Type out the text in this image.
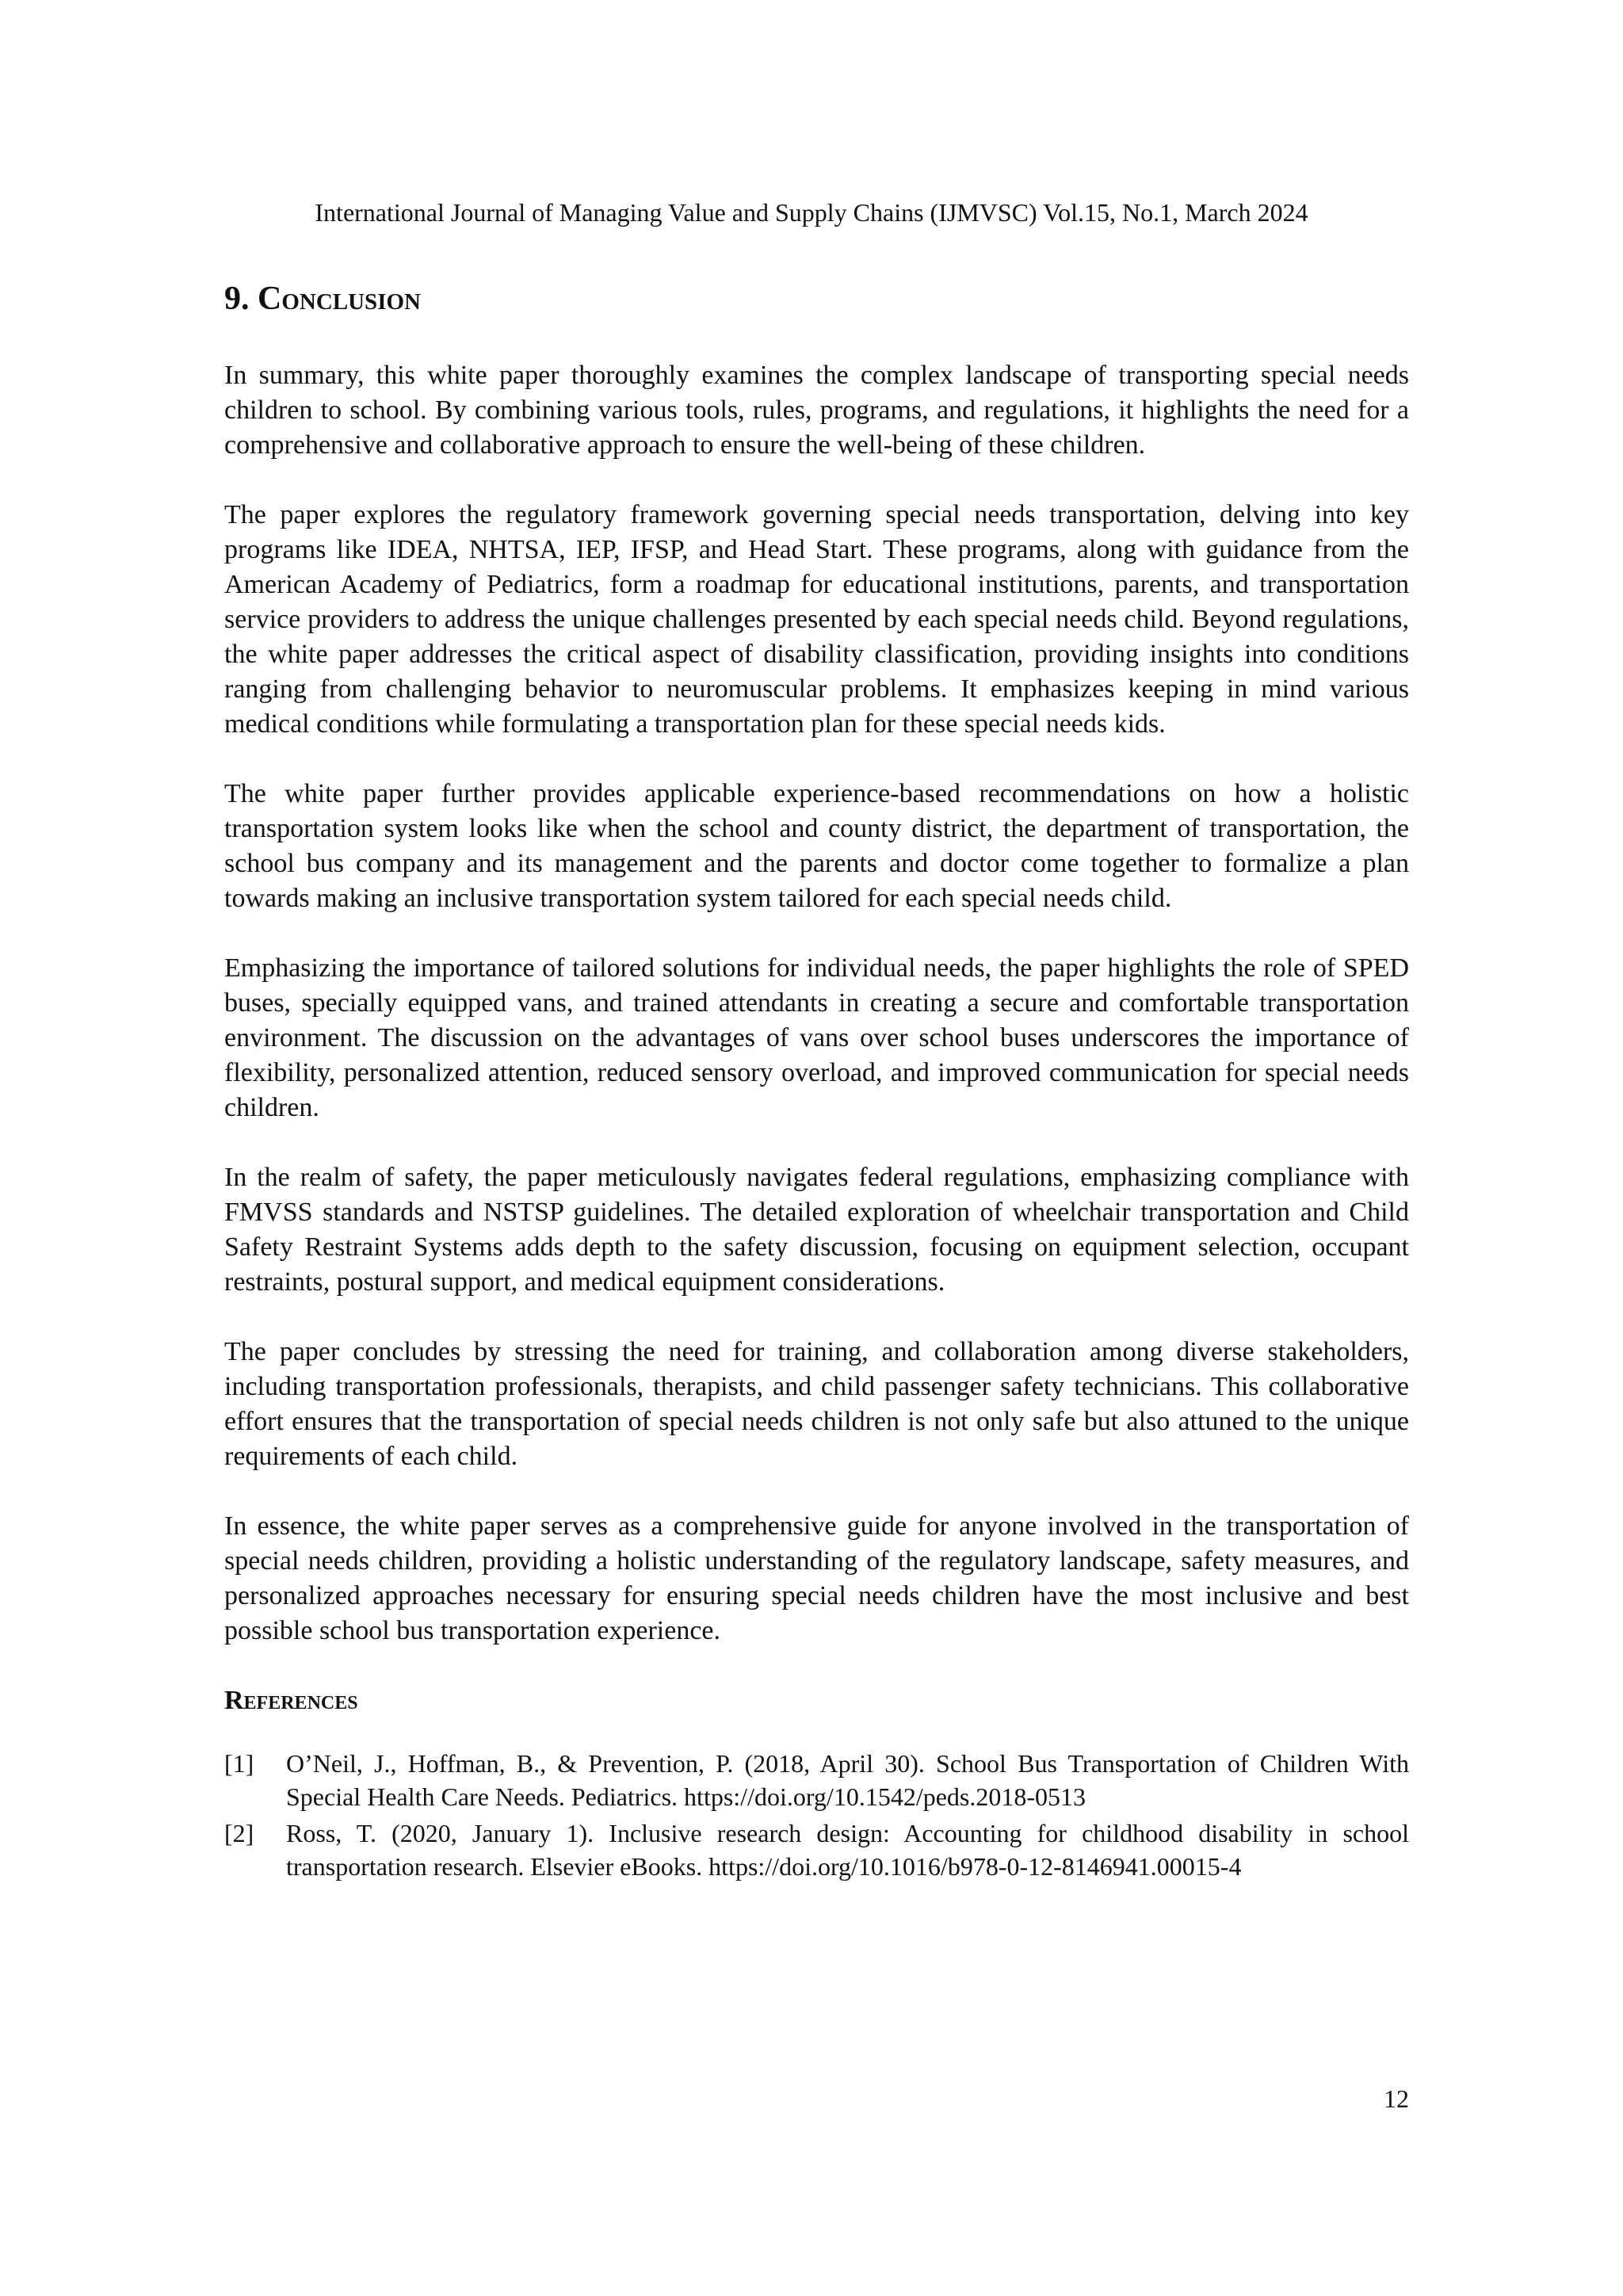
International Journal of Managing Value and Supply Chains (IJMVSC) Vol.15, No.1, March 2024
9. Conclusion

In summary, this white paper thoroughly examines the complex landscape of transporting special needs children to school. By combining various tools, rules, programs, and regulations, it highlights the need for a comprehensive and collaborative approach to ensure the well-being of these children.

The paper explores the regulatory framework governing special needs transportation, delving into key programs like IDEA, NHTSA, IEP, IFSP, and Head Start. These programs, along with guidance from the American Academy of Pediatrics, form a roadmap for educational institutions, parents, and transportation service providers to address the unique challenges presented by each special needs child. Beyond regulations, the white paper addresses the critical aspect of disability classification, providing insights into conditions ranging from challenging behavior to neuromuscular problems. It emphasizes keeping in mind various medical conditions while formulating a transportation plan for these special needs kids.

The white paper further provides applicable experience-based recommendations on how a holistic transportation system looks like when the school and county district, the department of transportation, the school bus company and its management and the parents and doctor come together to formalize a plan towards making an inclusive transportation system tailored for each special needs child.

Emphasizing the importance of tailored solutions for individual needs, the paper highlights the role of SPED buses, specially equipped vans, and trained attendants in creating a secure and comfortable transportation environment. The discussion on the advantages of vans over school buses underscores the importance of flexibility, personalized attention, reduced sensory overload, and improved communication for special needs children.

In the realm of safety, the paper meticulously navigates federal regulations, emphasizing compliance with FMVSS standards and NSTSP guidelines. The detailed exploration of wheelchair transportation and Child Safety Restraint Systems adds depth to the safety discussion, focusing on equipment selection, occupant restraints, postural support, and medical equipment considerations.

The paper concludes by stressing the need for training, and collaboration among diverse stakeholders, including transportation professionals, therapists, and child passenger safety technicians. This collaborative effort ensures that the transportation of special needs children is not only safe but also attuned to the unique requirements of each child.

In essence, the white paper serves as a comprehensive guide for anyone involved in the transportation of special needs children, providing a holistic understanding of the regulatory landscape, safety measures, and personalized approaches necessary for ensuring special needs children have the most inclusive and best possible school bus transportation experience.

References
[1]	O’Neil, J., Hoffman, B., & Prevention, P. (2018, April 30). School Bus Transportation of Children With Special Health Care Needs. Pediatrics. https://doi.org/10.1542/peds.2018-0513
[2]	Ross, T. (2020, January 1). Inclusive research design: Accounting for childhood disability in school transportation research. Elsevier eBooks. https://doi.org/10.1016/b978-0-12-8146941.00015-4
12
